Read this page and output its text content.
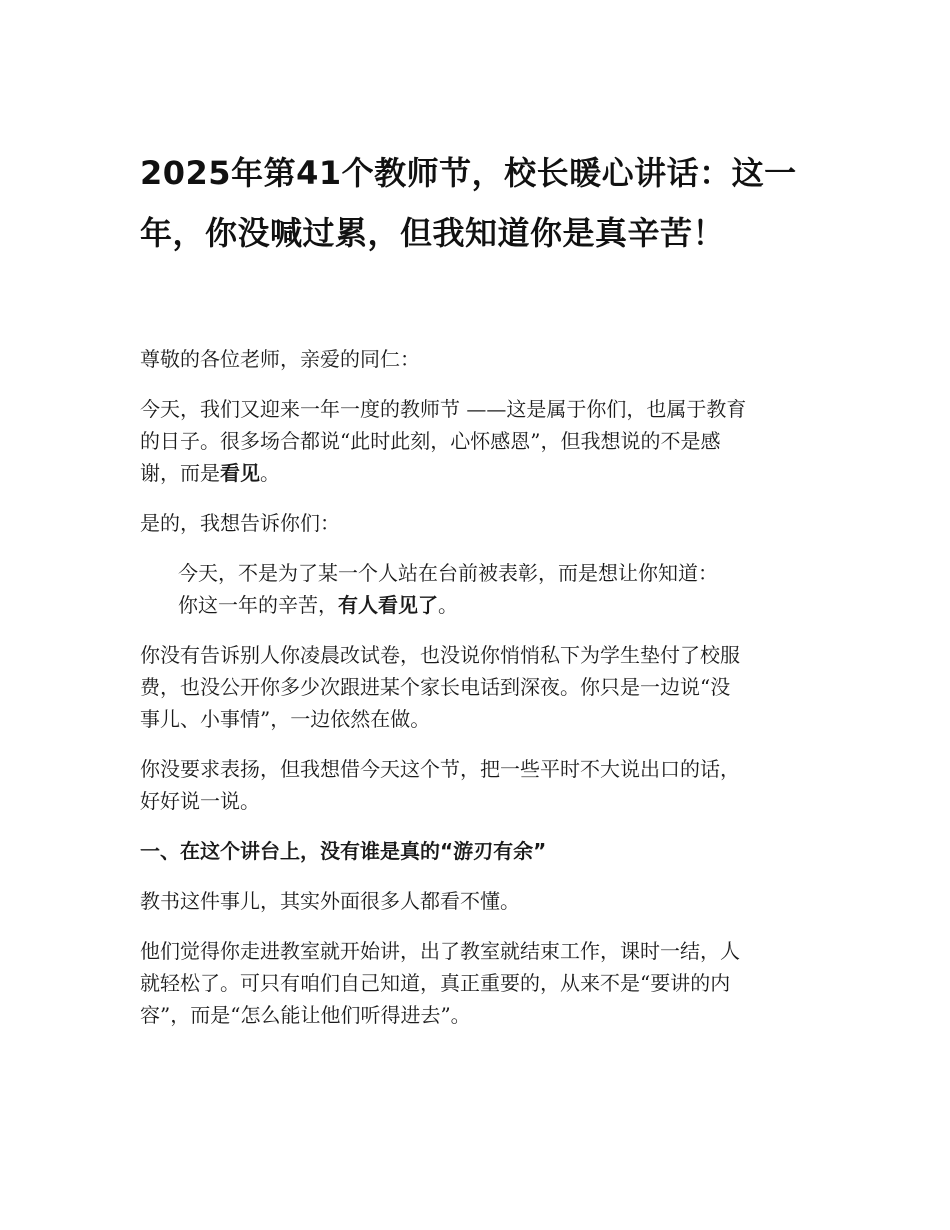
2025年第41个教师节，校长暖心讲话：这一
年，你没喊过累，但我知道你是真辛苦！

尊敬的各位老师，亲爱的同仁：

今天，我们又迎来一年一度的教师节 ——这是属于你们，也属于教育
的日子。很多场合都说“此时此刻，心怀感恩”，但我想说的不是感
谢，而是看见。

是的，我想告诉你们：

今天，不是为了某一个人站在台前被表彰，而是想让你知道：
你这一年的辛苦，有人看见了。

你没有告诉别人你凌晨改试卷，也没说你悄悄私下为学生垫付了校服
费，也没公开你多少次跟进某个家长电话到深夜。你只是一边说“没
事儿、小事情”，一边依然在做。

你没要求表扬，但我想借今天这个节，把一些平时不大说出口的话，
好好说一说。

一、在这个讲台上，没有谁是真的“游刃有余”

教书这件事儿，其实外面很多人都看不懂。

他们觉得你走进教室就开始讲，出了教室就结束工作，课时一结，人
就轻松了。可只有咱们自己知道，真正重要的，从来不是“要讲的内
容”，而是“怎么能让他们听得进去”。
